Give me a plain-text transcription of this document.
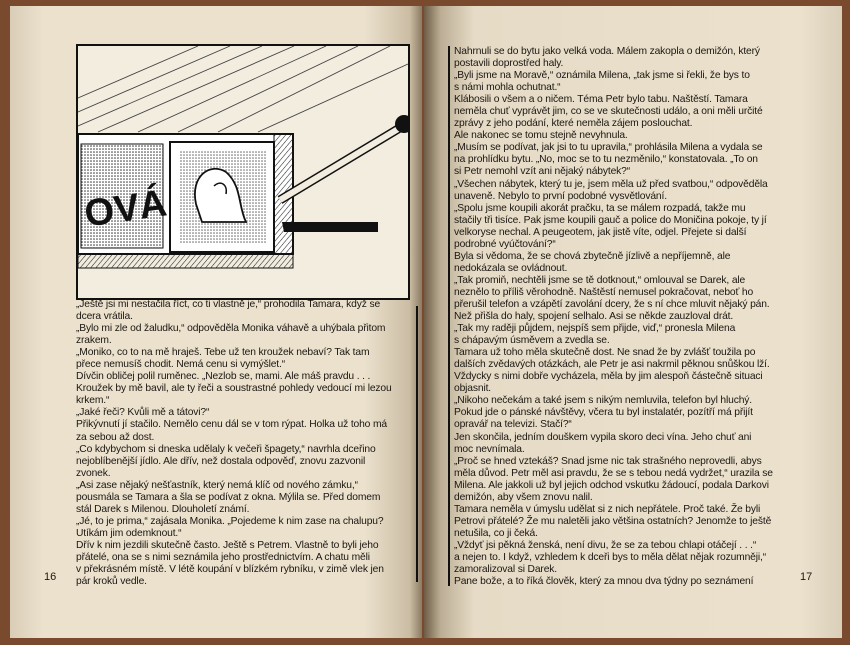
OVÁ

„Ještě jsi mi nestačila říct, co ti vlastně je,“ prohodila Tamara, když se

dcera vrátila.

„Bylo mi zle od žaludku,“ odpověděla Monika váhavě a uhýbala přitom

zrakem.

„Moniko, co to na mě hraješ. Tebe už ten kroužek nebaví? Tak tam

přece nemusíš chodit. Nemá cenu si vymýšlet.“

Dívčin obličej polil ruměnec. „Nezlob se, mami. Ale máš pravdu . . .

Kroužek by mě bavil, ale ty řeči a soustrastné pohledy vedoucí mi lezou

krkem.“

„Jaké řeči? Kvůli mě a tátovi?“

Přikývnutí jí stačilo. Nemělo cenu dál se v tom rýpat. Holka už toho má

za sebou až dost.

„Co kdybychom si dneska udělaly k večeři špagety,“ navrhla dceřino

nejoblíbenější jídlo. Ale dřív, než dostala odpověď, znovu zazvonil

zvonek.

„Asi zase nějaký nešťastník, který nemá klíč od nového zámku,“

pousmála se Tamara a šla se podívat z okna. Mýlila se. Před domem

stál Darek s Milenou. Dlouholetí známí.

„Jé, to je prima,“ zajásala Monika. „Pojedeme k nim zase na chalupu?

Utíkám jim odemknout.“

Dřív k nim jezdili skutečně často. Ještě s Petrem. Vlastně to byli jeho

přátelé, ona se s nimi seznámila jeho prostřednictvím. A chatu měli

v překrásném místě. V létě koupání v blízkém rybníku, v zimě vlek jen

pár kroků vedle.

16

Nahrnuli se do bytu jako velká voda. Málem zakopla o demižón, který

postavili doprostřed haly.

„Byli jsme na Moravě,“ oznámila Milena, „tak jsme si řekli, že bys to

s námi mohla ochutnat.“

Klábosili o všem a o ničem. Téma Petr bylo tabu. Naštěstí. Tamara

neměla chuť vyprávět jim, co se ve skutečnosti událo, a oni měli určité

zprávy z jeho podání, které neměla zájem poslouchat.

Ale nakonec se tomu stejně nevyhnula.

„Musím se podívat, jak jsi to tu upravila,“ prohlásila Milena a vydala se

na prohlídku bytu. „No, moc se to tu nezměnilo,“ konstatovala. „To on

si Petr nemohl vzít ani nějaký nábytek?“

„Všechen nábytek, který tu je, jsem měla už před svatbou,“ odpověděla

unaveně. Nebylo to první podobné vysvětlování.

„Spolu jsme koupili akorát pračku, ta se málem rozpadá, takže mu

stačily tři tisíce. Pak jsme koupili gauč a police do Moničina pokoje, ty jí

velkoryse nechal. A peugeotem, jak jistě víte, odjel. Přejete si další

podrobné vyúčtování?“

Byla si vědoma, že se chová zbytečně jízlivě a nepříjemně, ale

nedokázala se ovládnout.

„Tak promiň, nechtěli jsme se tě dotknout,“ omlouval se Darek, ale

neznělo to příliš věrohodně. Naštěstí nemusel pokračovat, neboť ho

přerušil telefon a vzápětí zavolání dcery, že s ní chce mluvit nějaký pán.

Než přišla do haly, spojení selhalo. Asi se někde zauzloval drát.

„Tak my raději půjdem, nejspíš sem přijde, viď,“ pronesla Milena

s chápavým úsměvem a zvedla se.

Tamara už toho měla skutečně dost. Ne snad že by zvlášť toužila po

dalších zvědavých otázkách, ale Petr je asi nakrmil pěknou snůškou lží.

Vždycky s nimi dobře vycházela, měla by jim alespoň částečně situaci

objasnit.

„Nikoho nečekám a také jsem s nikým nemluvila, telefon byl hluchý.

Pokud jde o pánské návštěvy, včera tu byl instalatér, pozítří má přijít

opravář na televizi. Stačí?“

Jen skončila, jedním douškem vypila skoro deci vína. Jeho chuť ani

moc nevnímala.

„Proč se hned vztekáš? Snad jsme nic tak strašného neprovedli, abys

měla důvod. Petr měl asi pravdu, že se s tebou nedá vydržet,“ urazila se

Milena. Ale jakkoli už byl jejich odchod vskutku žádoucí, podala Darkovi

demižón, aby všem znovu nalil.

Tamara neměla v úmyslu udělat si z nich nepřátele. Proč také. Že byli

Petrovi přátelé? Že mu naletěli jako většina ostatních? Jenomže to ještě

netušila, co ji čeká.

„Vždyť jsi pěkná ženská, není divu, že se za tebou chlapi otáčejí . . .“

a nejen to. I když, vzhledem k dceři bys to měla dělat nějak rozumněji,“

zamoralizoval si Darek.

Pane bože, a to říká člověk, který za mnou dva týdny po seznámení	17
